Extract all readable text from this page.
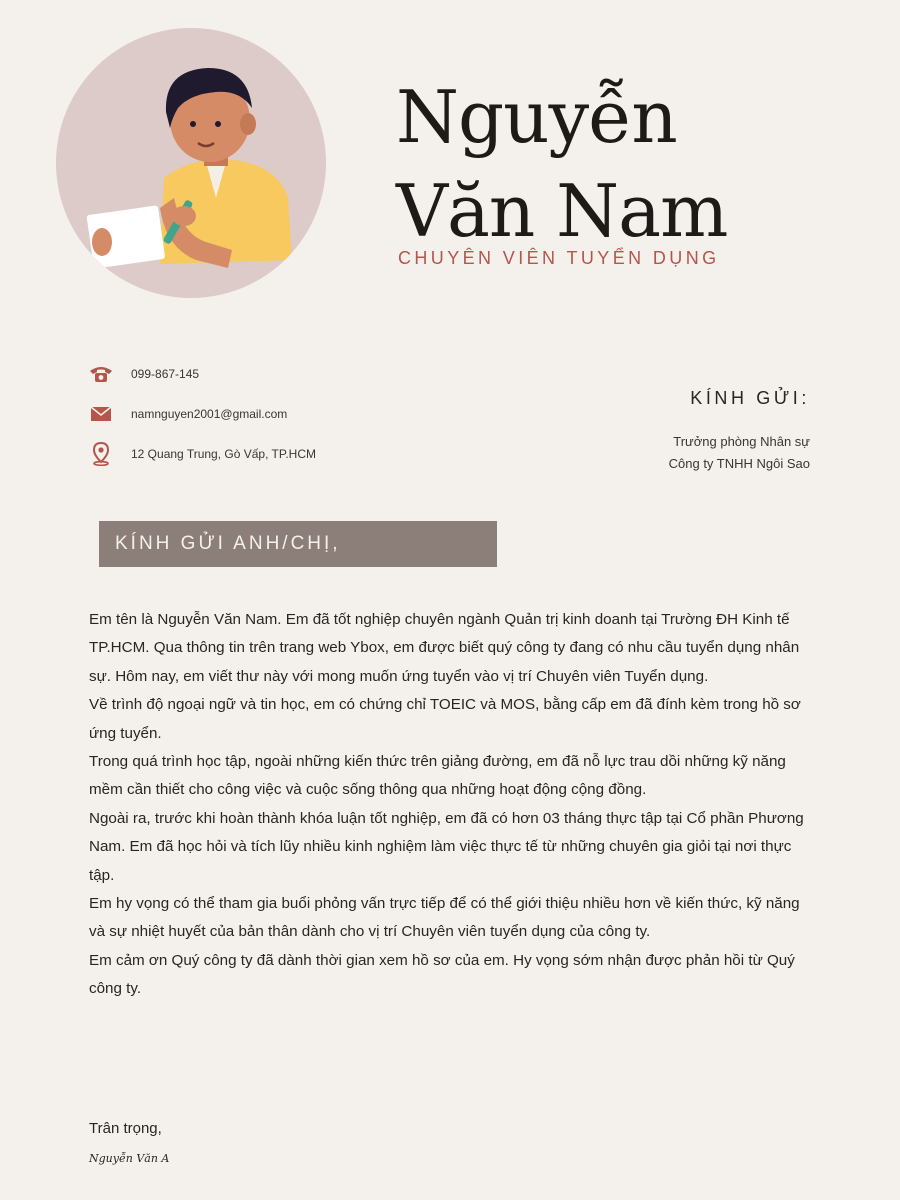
Nguyễn
Văn Nam
CHUYÊN VIÊN TUYỂN DỤNG
099-867-145
namnguyen2001@gmail.com
12 Quang Trung, Gò Vấp, TP.HCM
KÍNH GỬI:
Trưởng phòng Nhân sự
Công ty TNHH Ngôi Sao
KÍNH GỬI ANH/CHỊ,

Em tên là Nguyễn Văn Nam. Em đã tốt nghiệp chuyên ngành Quản trị kinh doanh tại Trường ĐH Kinh tế TP.HCM. Qua thông tin trên trang web Ybox, em được biết quý công ty đang có nhu cầu tuyển dụng nhân sự. Hôm nay, em viết thư này với mong muốn ứng tuyển vào vị trí Chuyên viên Tuyển dụng.

Về trình độ ngoại ngữ và tin học, em có chứng chỉ TOEIC và MOS, bằng cấp em đã đính kèm trong hồ sơ ứng tuyển.

Trong quá trình học tập, ngoài những kiến thức trên giảng đường, em đã nỗ lực trau dồi những kỹ năng mềm cần thiết cho công việc và cuộc sống thông qua những hoạt động cộng đồng.

Ngoài ra, trước khi hoàn thành khóa luận tốt nghiệp, em đã có hơn 03 tháng thực tập tại Cổ phần Phương Nam. Em đã học hỏi và tích lũy nhiều kinh nghiệm làm việc thực tế từ những chuyên gia giỏi tại nơi thực tập.

Em hy vọng có thể tham gia buổi phỏng vấn trực tiếp để có thể giới thiệu nhiều hơn về kiến thức, kỹ năng và sự nhiệt huyết của bản thân dành cho vị trí Chuyên viên tuyển dụng của công ty.

Em cảm ơn Quý công ty đã dành thời gian xem hồ sơ của em. Hy vọng sớm nhận được phản hồi từ Quý công ty.

Trân trọng,
Nguyễn Văn A
